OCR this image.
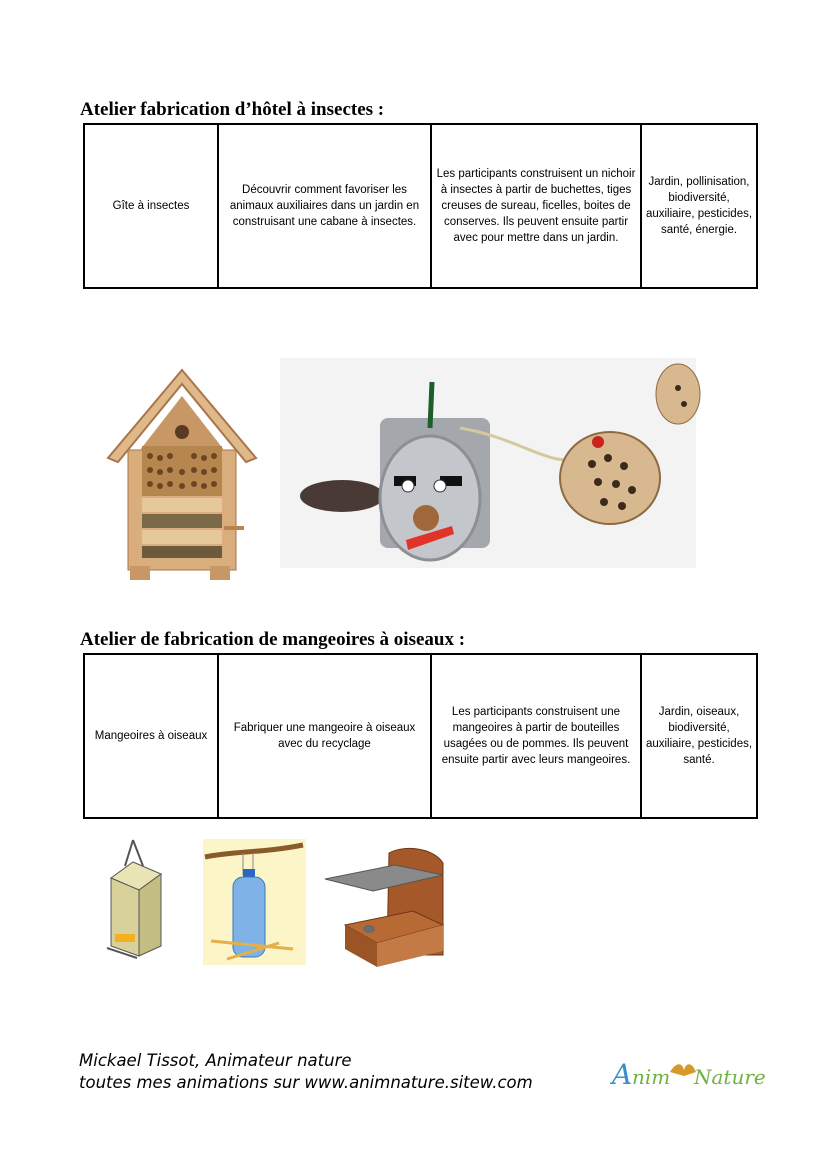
Atelier fabrication d’hôtel à insectes :
Gîte à insectes	Découvrir comment favoriser les animaux auxiliaires dans un jardin en construisant une cabane à insectes.	Les participants construisent un nichoir à insectes à partir de buchettes, tiges creuses de sureau, ficelles, boites de conserves. Ils peuvent ensuite partir avec pour mettre dans un jardin.	Jardin, pollinisation, biodiversité, auxiliaire, pesticides, santé, énergie.
Atelier de fabrication de mangeoires à oiseaux :
Mangeoires à oiseaux	Fabriquer une mangeoire à oiseaux avec du recyclage	Les participants construisent une mangeoires à partir de bouteilles usagées ou de pommes. Ils peuvent ensuite partir avec leurs mangeoires.	Jardin, oiseaux, biodiversité, auxiliaire, pesticides, santé.
Mickael Tissot, Animateur nature
toutes mes animations sur www.animnature.sitew.com	A nim Nature
